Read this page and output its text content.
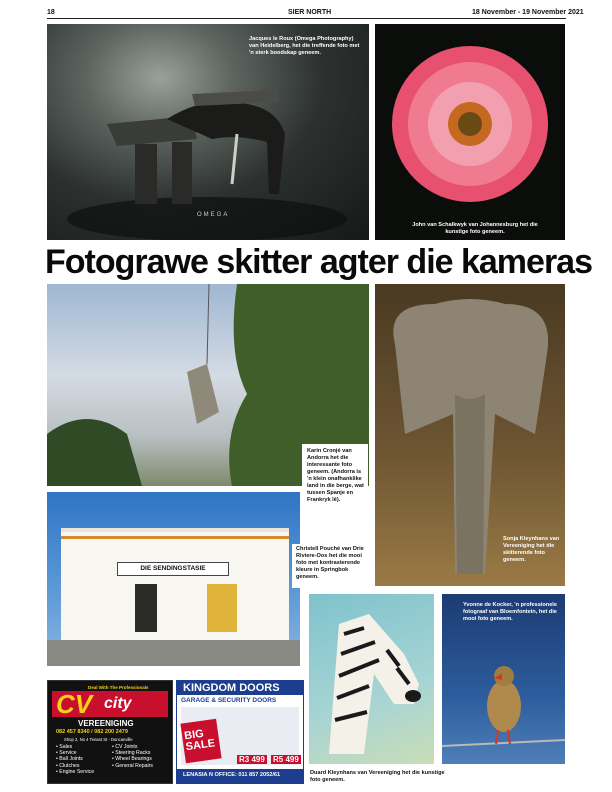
18	SIER NORTH	18 November - 19 November 2021
Jacques le Roux (Omega Photography) van Heidelberg, het die treffende foto met 'n sterk boodskap geneem.
OMEGA
John van Schalkwyk van Johannesburg het die kunstige foto geneem.
Fotograwe skitter agter die kameras
Karin Cronjé van Andorra het die interessante foto geneem. (Andorra is 'n klein onafhanklike land in die berge, wat tussen Spanje en Frankryk lê).
DIE SENDINGSTASIE
Christell Pouché van Drie Riviere-Oos het die mooi foto met kontrasterende kleure in Springbok geneem.
Sonja Kleynhans van Vereeniging het die skitterende foto geneem.
Duard Kleynhans van Vereeniging het die kunstige foto geneem.
Yvonne de Kocker, 'n professionele fotograaf van Bloemfontein, het die mooi foto geneem.
Deal With The Professionals
CV city
VEREENIGING
082 457 8340 / 082 200 2479
Shop 2, No 4 Tenant St - Duncanville
• Sales
• Service
• Ball Joints
• Clutches
• Engine Service
• CV Joints
• Steering Racks
• Wheel Bearings
• General Repairs
KINGDOM DOORS
GARAGE & SECURITY DOORS
BIG SALE
R3 499 R5 499
LENASIA N OFFICE: 011 857 2052/61
